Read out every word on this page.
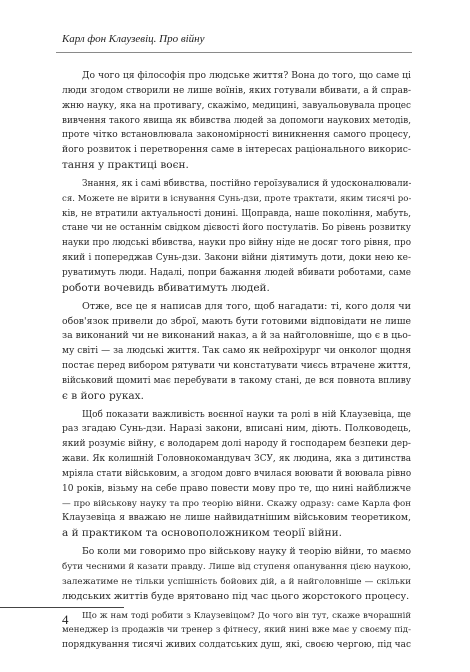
Карл фон Клаузевіц. Про війну
До чого ця філософія про людське життя? Вона до того, що саме ці
люди згодом створили не лише воїнів, яких готували вбивати, а й справ-
жню науку, яка на противагу, скажімо, медицині, завуальовувала процес
вивчення такого явища як вбивства людей за допомоги наукових методів,
проте чітко встановлювала закономірності виникнення самого процесу,
його розвиток і перетворення саме в інтересах раціонального викорис-
тання у практиці воєн.
Знання, як і самі вбивства, постійно героїзувалися й удосконалювали-
ся. Можете не вірити в існування Сунь-дзи, проте трактати, яким тисячі ро-
ків, не втратили актуальності донині. Щоправда, наше покоління, мабуть,
стане чи не останнім свідком дієвості його постулатів. Бо рівень розвитку
науки про людські вбивства, науки про війну ніде не досяг того рівня, про
який і попереджав Сунь-дзи. Закони війни діятимуть доти, доки нею ке-
руватимуть люди. Надалі, попри бажання людей вбивати роботами, саме
роботи вочевидь вбиватимуть людей.
Отже, все це я написав для того, щоб нагадати: ті, кого доля чи
обов'язок привели до зброї, мають бути готовими відповідати не лише
за виконаний чи не виконаний наказ, а й за найголовніше, що є в цьо-
му світі — за людські життя. Так само як нейрохірург чи онколог щодня
постає перед вибором рятувати чи констатувати чиєсь втрачене життя,
військовий щомиті має перебувати в такому стані, де вся повнота впливу
є в його руках.
Щоб показати важливість воєнної науки та ролі в ній Клаузевіца, ще
раз згадаю Сунь-дзи. Наразі закони, вписані ним, діють. Полководець,
який розуміє війну, є володарем долі народу й господарем безпеки дер-
жави. Як колишній Головнокомандувач ЗСУ, як людина, яка з дитинства
мріяла стати військовим, а згодом довго вчилася воювати й воювала рівно
10 років, візьму на себе право повести мову про те, що нині найближче
— про військову науку та про теорію війни. Скажу одразу: саме Карла фон
Клаузевіца я вважаю не лише найвидатнішим військовим теоретиком,
а й практиком та основоположником теорії війни.
Бо коли ми говоримо про військову науку й теорію війни, то маємо
бути чесними й казати правду. Лише від ступеня опанування цією наукою,
залежатиме не тільки успішність бойових дій, а й найголовніше — скільки
людських життів буде врятовано під час цього жорстокого процесу.
Що ж нам тоді робити з Клаузевіцом? До чого він тут, скаже вчорашній
менеджер із продажів чи тренер з фітнесу, який нині вже має у своєму під-
порядкування тисячі живих солдатських душ, які, своєю чергою, під час
4
